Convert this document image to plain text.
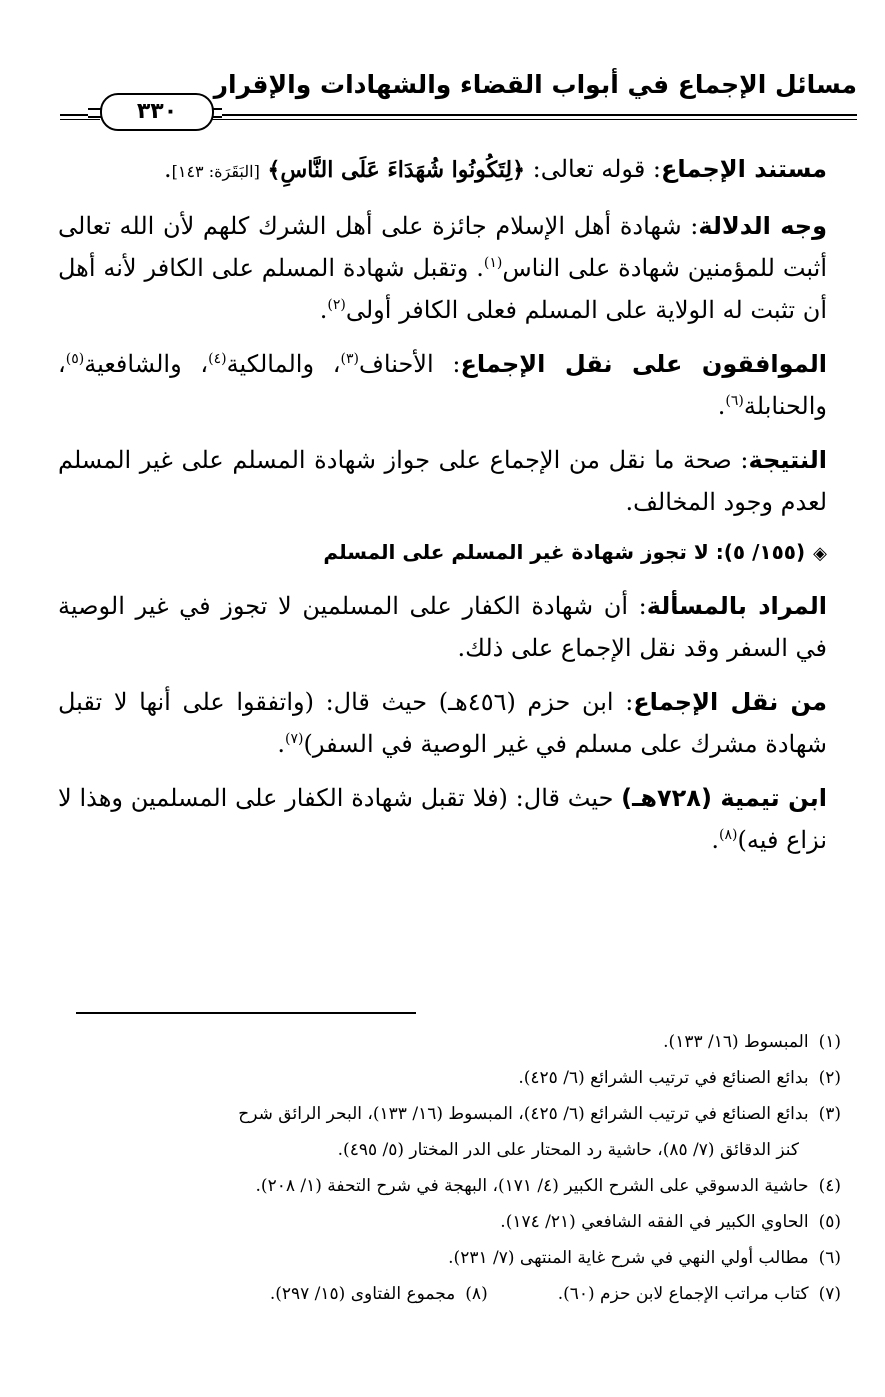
مسائل الإجماع في أبواب القضاء والشهادات والإقرار
٣٣٠

مستند الإجماع: قوله تعالى: ﴿لِتَكُونُوا شُهَدَاءَ عَلَى النَّاسِ﴾ [البَقَرَة: ١٤٣].

وجه الدلالة: شهادة أهل الإسلام جائزة على أهل الشرك كلهم لأن الله تعالى أثبت للمؤمنين شهادة على الناس$^{(١)}$. وتقبل شهادة المسلم على الكافر لأنه أهل أن تثبت له الولاية على المسلم فعلى الكافر أولى$^{(٢)}$.

الموافقون على نقل الإجماع: الأحناف$^{(٣)}$، والمالكية$^{(٤)}$، والشافعية$^{(٥)}$، والحنابلة$^{(٦)}$.

النتيجة: صحة ما نقل من الإجماع على جواز شهادة المسلم على غير المسلم لعدم وجود المخالف.

◈(١٥٥/ ٥): لا تجوز شهادة غير المسلم على المسلم

المراد بالمسألة: أن شهادة الكفار على المسلمين لا تجوز في غير الوصية في السفر وقد نقل الإجماع على ذلك.

من نقل الإجماع: ابن حزم (٤٥٦هـ) حيث قال: (واتفقوا على أنها لا تقبل شهادة مشرك على مسلم في غير الوصية في السفر)$^{(٧)}$.

ابن تيمية (٧٢٨هـ) حيث قال: (فلا تقبل شهادة الكفار على المسلمين وهذا لا نزاع فيه)$^{(٨)}$.

(١)المبسوط (١٦/ ١٣٣).

(٢)بدائع الصنائع في ترتيب الشرائع (٦/ ٤٢٥).

(٣)بدائع الصنائع في ترتيب الشرائع (٦/ ٤٢٥)، المبسوط (١٦/ ١٣٣)، البحر الرائق شرح

كنز الدقائق (٧/ ٨٥)، حاشية رد المحتار على الدر المختار (٥/ ٤٩٥).

(٤)حاشية الدسوقي على الشرح الكبير (٤/ ١٧١)، البهجة في شرح التحفة (١/ ٢٠٨).

(٥)الحاوي الكبير في الفقه الشافعي (٢١/ ١٧٤).

(٦)مطالب أولي النهي في شرح غاية المنتهى (٧/ ٢٣١).

(٧)كتاب مراتب الإجماع لابن حزم (٦٠).
(٨)مجموع الفتاوى (١٥/ ٢٩٧).
